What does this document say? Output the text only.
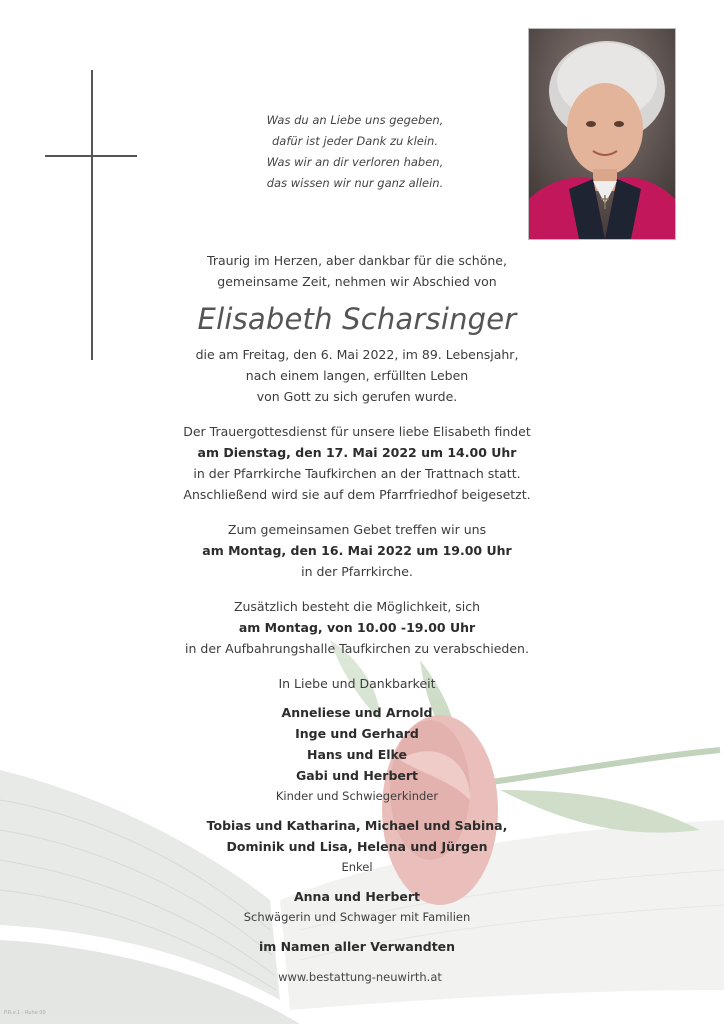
Was du an Liebe uns gegeben,
dafür ist jeder Dank zu klein.
Was wir an dir verloren haben,
das wissen wir nur ganz allein.

Traurig im Herzen, aber dankbar für die schöne,

gemeinsame Zeit, nehmen wir Abschied von

Elisabeth Scharsinger

die am Freitag, den 6. Mai 2022, im 89. Lebensjahr,

nach einem langen, erfüllten Leben

von Gott zu sich gerufen wurde.

Der Trauergottesdienst für unsere liebe Elisabeth findet

am Dienstag, den 17. Mai 2022 um 14.00 Uhr

in der Pfarrkirche Taufkirchen an der Trattnach statt.

Anschließend wird sie auf dem Pfarrfriedhof beigesetzt.

Zum gemeinsamen Gebet treffen wir uns

am Montag, den 16. Mai 2022 um 19.00 Uhr

in der Pfarrkirche.

Zusätzlich besteht die Möglichkeit, sich

am Montag, von 10.00 -19.00 Uhr

in der Aufbahrungshalle Taufkirchen zu verabschieden.

In Liebe und Dankbarkeit

Anneliese und Arnold

Inge und Gerhard

Hans und Elke

Gabi und Herbert

Kinder und Schwiegerkinder

Tobias und Katharina, Michael und Sabina,

Dominik und Lisa, Helena und Jürgen

Enkel

Anna und Herbert

Schwägerin und Schwager mit Familien

im Namen aller Verwandten

www.bestattung-neuwirth.at
P.R.v.1 - Ruhe 00
